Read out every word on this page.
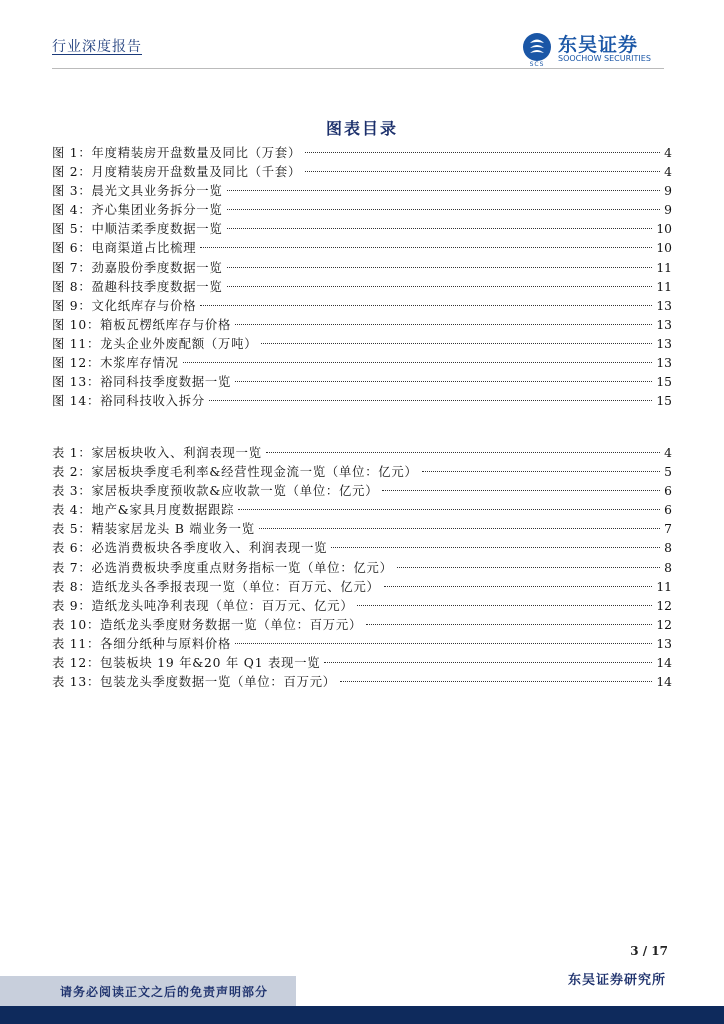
行业深度报告
SCS
东吴证券
SOOCHOW SECURITIES
图表目录
图 1：年度精装房开盘数量及同比（万套）	4
图 2：月度精装房开盘数量及同比（千套）	4
图 3：晨光文具业务拆分一览	9
图 4：齐心集团业务拆分一览	9
图 5：中顺洁柔季度数据一览	10
图 6：电商渠道占比梳理	10
图 7：劲嘉股份季度数据一览	11
图 8：盈趣科技季度数据一览	11
图 9：文化纸库存与价格	13
图 10：箱板瓦楞纸库存与价格	13
图 11：龙头企业外废配额（万吨）	13
图 12：木浆库存情况	13
图 13：裕同科技季度数据一览	15
图 14：裕同科技收入拆分	15
表 1：家居板块收入、利润表现一览	4
表 2：家居板块季度毛利率&经营性现金流一览（单位：亿元）	5
表 3：家居板块季度预收款&应收款一览（单位：亿元）	6
表 4：地产&家具月度数据跟踪	6
表 5：精装家居龙头 B 端业务一览	7
表 6：必选消费板块各季度收入、利润表现一览	8
表 7：必选消费板块季度重点财务指标一览（单位：亿元）	8
表 8：造纸龙头各季报表现一览（单位：百万元、亿元）	11
表 9：造纸龙头吨净利表现（单位：百万元、亿元）	12
表 10：造纸龙头季度财务数据一览（单位：百万元）	12
表 11：各细分纸种与原料价格	13
表 12：包装板块 19 年&20 年 Q1 表现一览	14
表 13：包装龙头季度数据一览（单位：百万元）	14
3 / 17
东吴证券研究所
请务必阅读正文之后的免责声明部分
